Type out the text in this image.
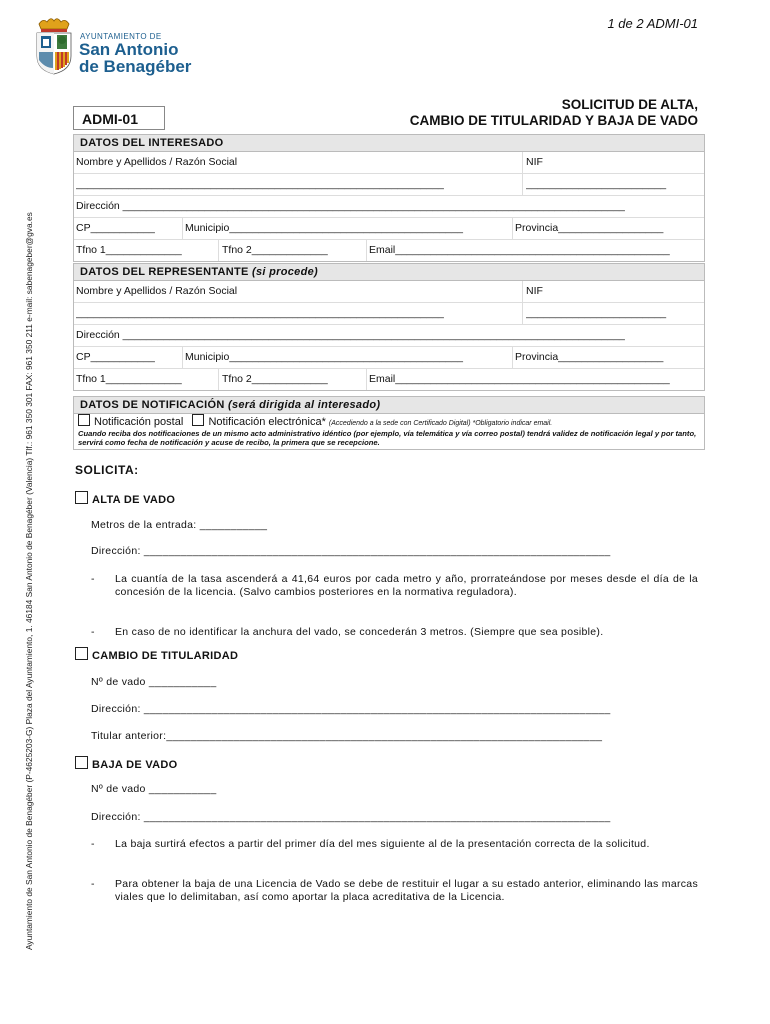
Ayuntamiento de San Antonio de Benagéber (P-4625203-G) Plaza del Ayuntamiento, 1. 46184 San Antonio de Benagéber (Valencia) Tlf.: 961 350 301 FAX: 961 350 211 e-mail: sabenageber@gva.es
1 de 2 ADMI-01
AYUNTAMIENTO DE
San Antonio
de Benagéber
ADMI-01
SOLICITUD DE ALTA,
CAMBIO DE TITULARIDAD Y BAJA DE VADO
DATOS DEL INTERESADO
Nombre y Apellidos / Razón Social	NIF
_______________________________________________________________	________________________
Dirección ______________________________________________________________________________________
CP___________	Municipio________________________________________	Provincia__________________
Tfno 1_____________	Tfno 2_____________	Email_______________________________________________
DATOS DEL REPRESENTANTE (si procede)
Nombre y Apellidos / Razón Social	NIF
_______________________________________________________________	________________________
Dirección ______________________________________________________________________________________
CP___________	Municipio________________________________________	Provincia__________________
Tfno 1_____________	Tfno 2_____________	Email_______________________________________________
DATOS DE NOTIFICACIÓN (será dirigida al interesado)
Notificación postal Notificación electrónica* (Accediendo a la sede con Certificado Digital) *Obligatorio indicar email.
Cuando reciba dos notificaciones de un mismo acto administrativo idéntico (por ejemplo, vía telemática y vía correo postal) tendrá validez de notificación legal y por tanto, servirá como fecha de notificación y acuse de recibo, la primera que se recepcione.
SOLICITA:
ALTA DE VADO
Metros de la entrada: ___________
Dirección: ____________________________________________________________________________
- La cuantía de la tasa ascenderá a 41,64 euros por cada metro y año, prorrateándose por meses desde el día de la concesión de la licencia. (Salvo cambios posteriores en la normativa reguladora).
- En caso de no identificar la anchura del vado, se concederán 3 metros. (Siempre que sea posible).
CAMBIO DE TITULARIDAD
Nº de vado ___________
Dirección: ____________________________________________________________________________
Titular anterior:_______________________________________________________________________
BAJA DE VADO
Nº de vado ___________
Dirección: ____________________________________________________________________________
- La baja surtirá efectos a partir del primer día del mes siguiente al de la presentación correcta de la solicitud.
- Para obtener la baja de una Licencia de Vado se debe de restituir el lugar a su estado anterior, eliminando las marcas viales que lo delimitaban, así como aportar la placa acreditativa de la Licencia.
